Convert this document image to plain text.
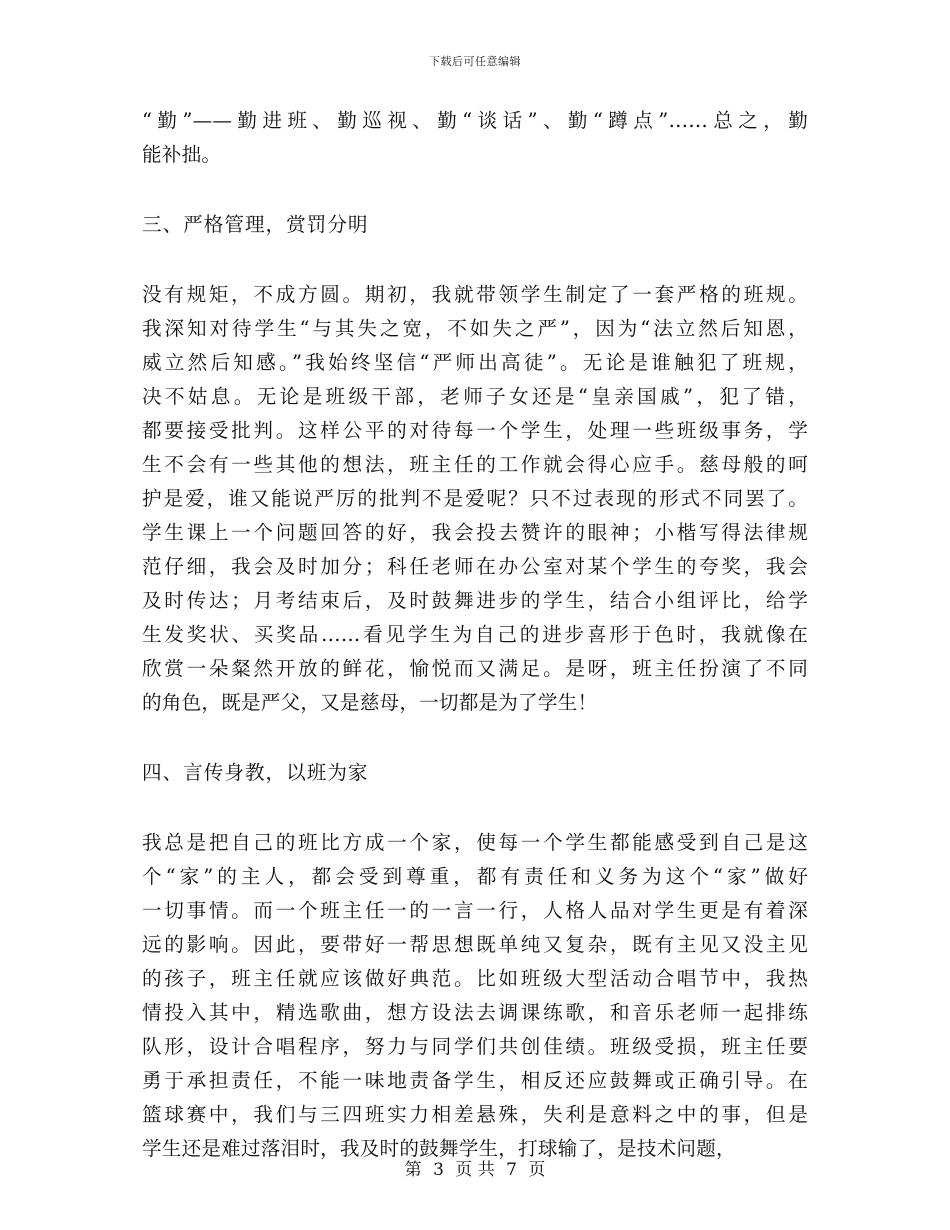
下载后可任意编辑

“勤”——勤进班、勤巡视、勤“谈话”、勤“蹲点”……总之，勤
能补拙。

三、严格管理，赏罚分明

没有规矩，不成方圆。期初，我就带领学生制定了一套严格的班规。
我深知对待学生“与其失之宽，不如失之严”，因为“法立然后知恩，
威立然后知感。”我始终坚信“严师出高徒”。无论是谁触犯了班规，
决不姑息。无论是班级干部，老师子女还是“皇亲国戚”，犯了错，
都要接受批判。这样公平的对待每一个学生，处理一些班级事务，学
生不会有一些其他的想法，班主任的工作就会得心应手。慈母般的呵
护是爱，谁又能说严厉的批判不是爱呢？只不过表现的形式不同罢了。
学生课上一个问题回答的好，我会投去赞许的眼神；小楷写得法律规
范仔细，我会及时加分；科任老师在办公室对某个学生的夸奖，我会
及时传达；月考结束后，及时鼓舞进步的学生，结合小组评比，给学
生发奖状、买奖品……看见学生为自己的进步喜形于色时，我就像在
欣赏一朵粲然开放的鲜花，愉悦而又满足。是呀，班主任扮演了不同
的角色，既是严父，又是慈母，一切都是为了学生！

四、言传身教，以班为家

我总是把自己的班比方成一个家，使每一个学生都能感受到自己是这
个“家”的主人，都会受到尊重，都有责任和义务为这个“家”做好
一切事情。而一个班主任一的一言一行，人格人品对学生更是有着深
远的影响。因此，要带好一帮思想既单纯又复杂，既有主见又没主见
的孩子，班主任就应该做好典范。比如班级大型活动合唱节中，我热
情投入其中，精选歌曲，想方设法去调课练歌，和音乐老师一起排练
队形，设计合唱程序，努力与同学们共创佳绩。班级受损，班主任要
勇于承担责任，不能一味地责备学生，相反还应鼓舞或正确引导。在
篮球赛中，我们与三四班实力相差悬殊，失利是意料之中的事，但是
学生还是难过落泪时，我及时的鼓舞学生，打球输了，是技术问题，

第 3 页 共 7 页
